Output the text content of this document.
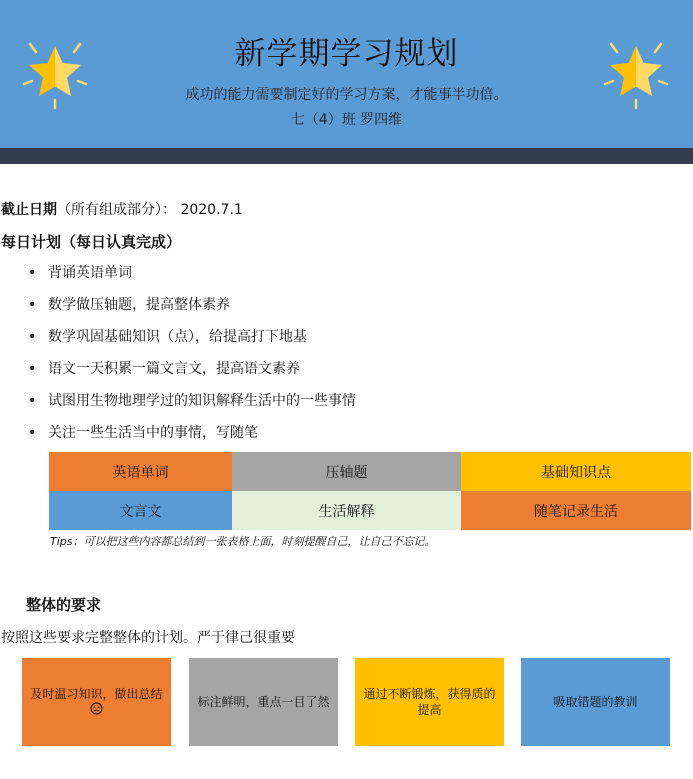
新学期学习规划
成功的能力需要制定好的学习方案，才能事半功倍。
七（4）班 罗四维
截止日期（所有组成部分）： 2020.7.1
每日计划（每日认真完成）
• 背诵英语单词
• 数学做压轴题，提高整体素养
• 数学巩固基础知识（点），给提高打下地基
• 语文一天积累一篇文言文，提高语文素养
• 试图用生物地理学过的知识解释生活中的一些事情
• 关注一些生活当中的事情，写随笔
英语单词	压轴题	基础知识点
文言文	生活解释	随笔记录生活
Tips：可以把这些内容都总结到一张表格上面，时刻提醒自己，让自己不忘记。
整体的要求
按照这些要求完整整体的计划。严于律己很重要
及时温习知识，做出总结

标注鲜明，重点一目了然
通过不断锻炼，获得质的提高
吸取错题的教训
